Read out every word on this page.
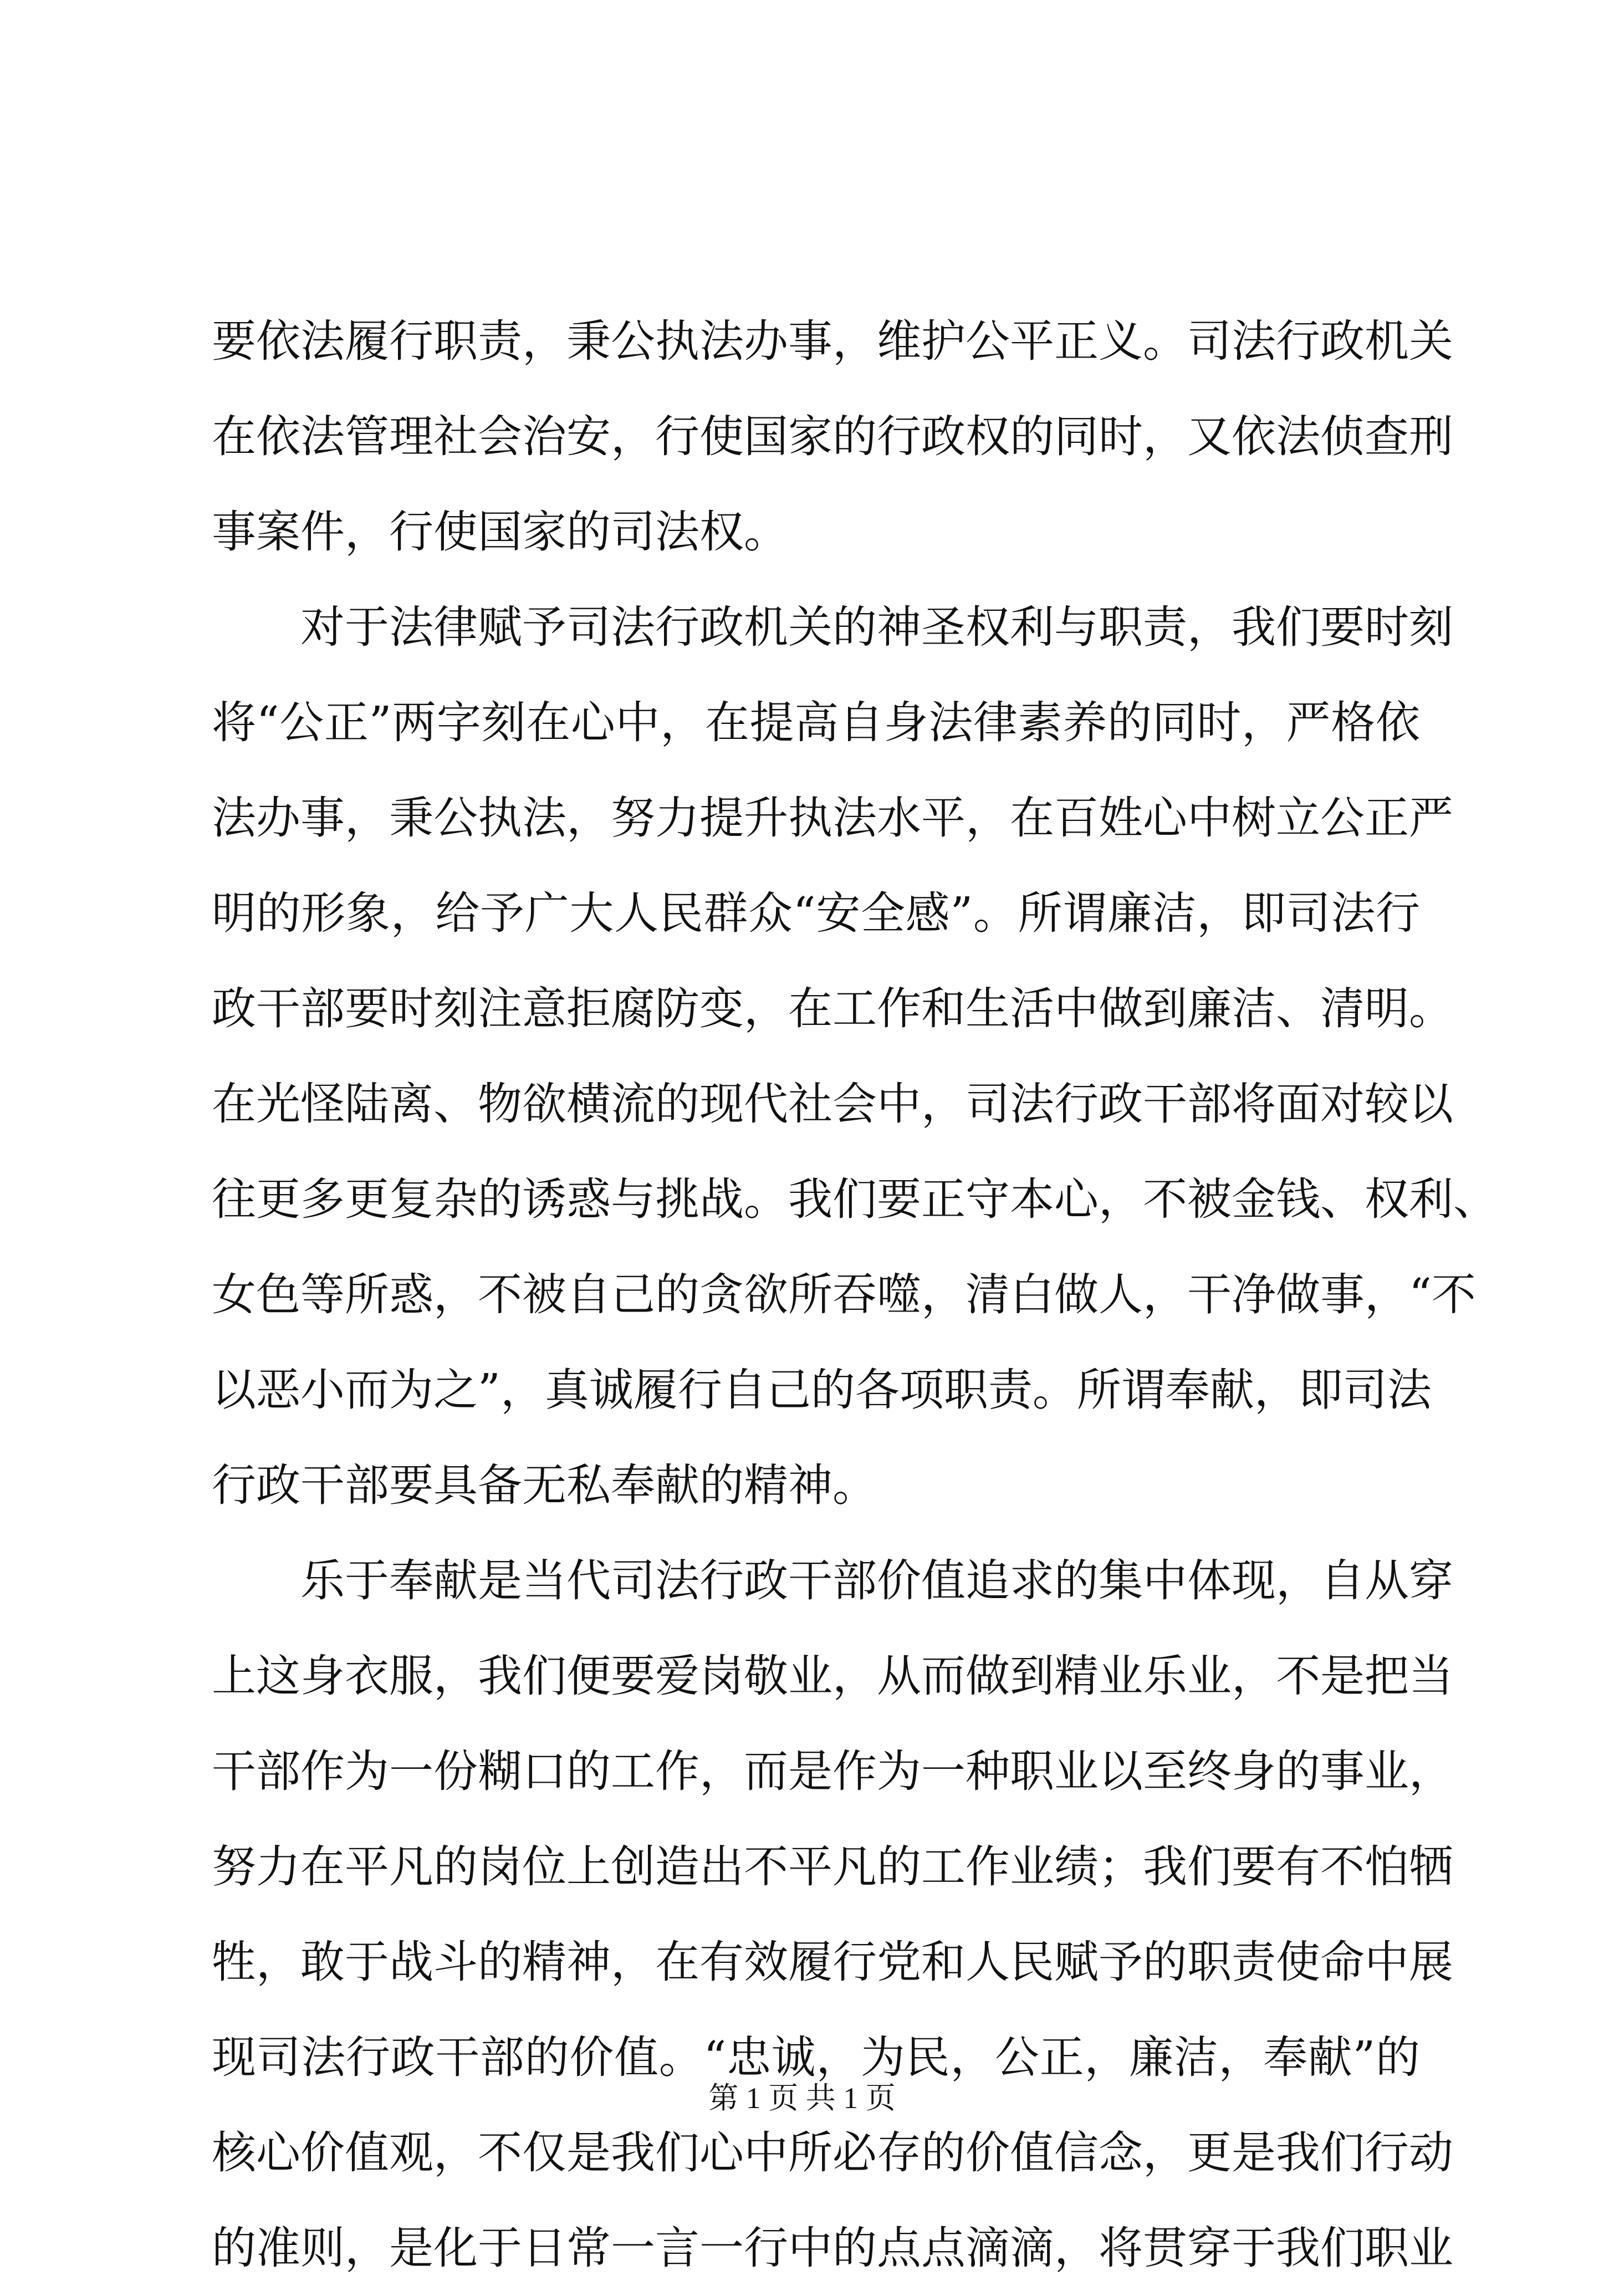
要依法履行职责，秉公执法办事，维护公平正义。司法行政机关
在依法管理社会治安，行使国家的行政权的同时，又依法侦查刑
事案件，行使国家的司法权。
对于法律赋予司法行政机关的神圣权利与职责，我们要时刻
将“公正”两字刻在心中，在提高自身法律素养的同时，严格依
法办事，秉公执法，努力提升执法水平，在百姓心中树立公正严
明的形象，给予广大人民群众“安全感”。所谓廉洁，即司法行
政干部要时刻注意拒腐防变，在工作和生活中做到廉洁、清明。
在光怪陆离、物欲横流的现代社会中，司法行政干部将面对较以
往更多更复杂的诱惑与挑战。我们要正守本心，不被金钱、权利、
女色等所惑，不被自己的贪欲所吞噬，清白做人，干净做事，“不
以恶小而为之”，真诚履行自己的各项职责。所谓奉献，即司法
行政干部要具备无私奉献的精神。
乐于奉献是当代司法行政干部价值追求的集中体现，自从穿
上这身衣服，我们便要爱岗敬业，从而做到精业乐业，不是把当
干部作为一份糊口的工作，而是作为一种职业以至终身的事业，
努力在平凡的岗位上创造出不平凡的工作业绩；我们要有不怕牺
牲，敢于战斗的精神，在有效履行党和人民赋予的职责使命中展
现司法行政干部的价值。“忠诚，为民，公正，廉洁，奉献”的
核心价值观，不仅是我们心中所必存的价值信念，更是我们行动
的准则，是化于日常一言一行中的点点滴滴，将贯穿于我们职业
第 1 页 共 1 页
